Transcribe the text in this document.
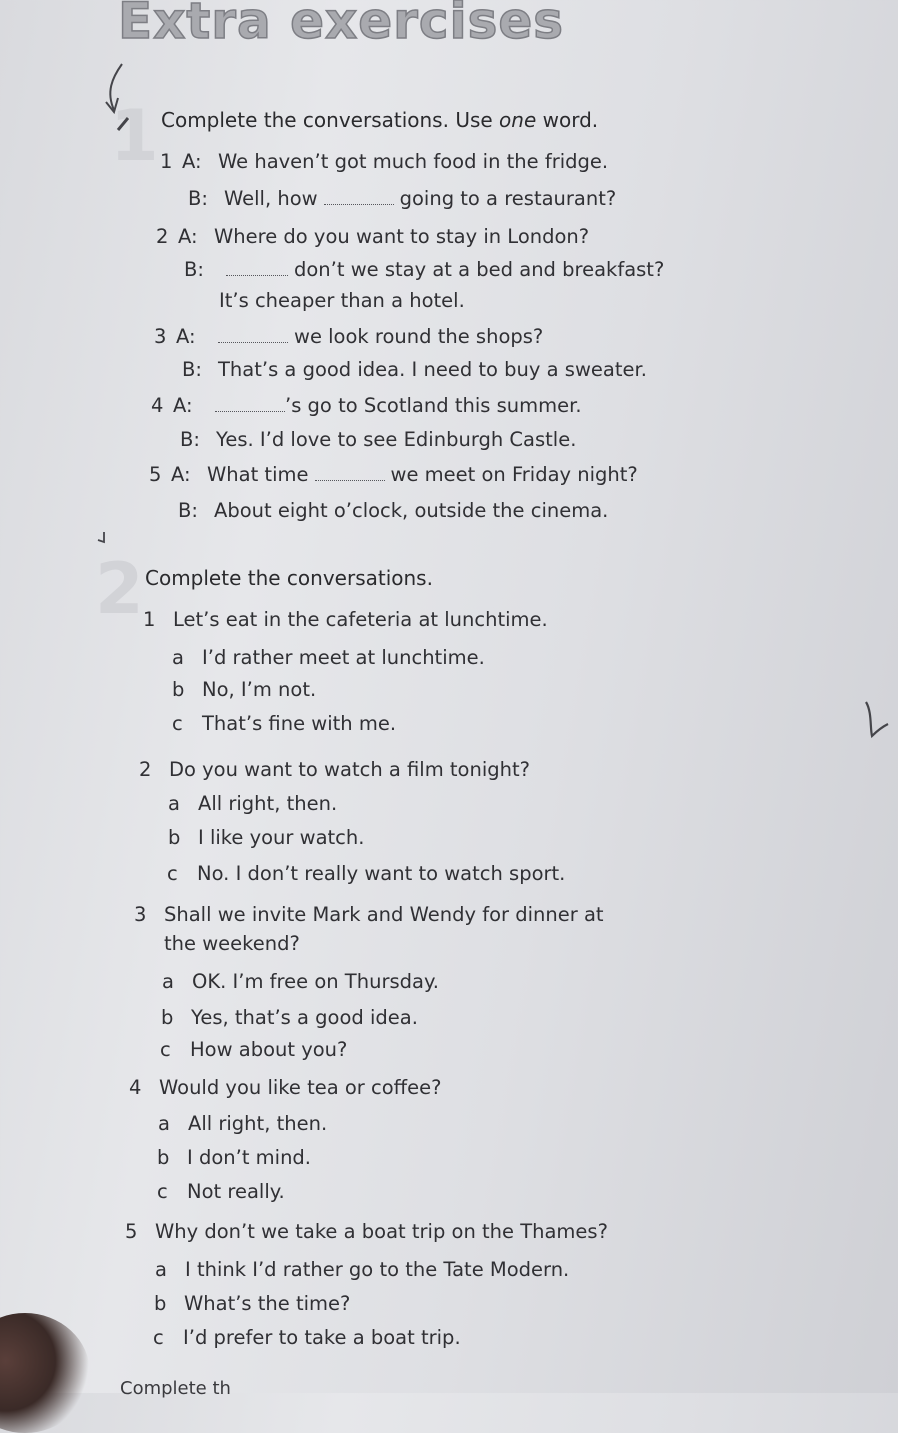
Extra exercises
1
2
Complete the conversations. Use one word.
1 A: We haven’t got much food in the fridge.
B: Well, how	going to a restaurant?
2 A: Where do you want to stay in London?
B:	don’t we stay at a bed and breakfast?
It’s cheaper than a hotel.
3 A:	we look round the shops?
B: That’s a good idea. I need to buy a sweater.
4 A:	’s go to Scotland this summer.
B: Yes. I’d love to see Edinburgh Castle.
5 A: What time	we meet on Friday night?
B: About eight o’clock, outside the cinema.
Complete the conversations.
1 Let’s eat in the cafeteria at lunchtime.
a I’d rather meet at lunchtime.
b No, I’m not.
c That’s fine with me.
2 Do you want to watch a film tonight?
a All right, then.
b I like your watch.
c No. I don’t really want to watch sport.
3 Shall we invite Mark and Wendy for dinner at
the weekend?
a OK. I’m free on Thursday.
b Yes, that’s a good idea.
c How about you?
4 Would you like tea or coffee?
a All right, then.
b I don’t mind.
c Not really.
5 Why don’t we take a boat trip on the Thames?
a I think I’d rather go to the Tate Modern.
b What’s the time?
c I’d prefer to take a boat trip.
Complete th
